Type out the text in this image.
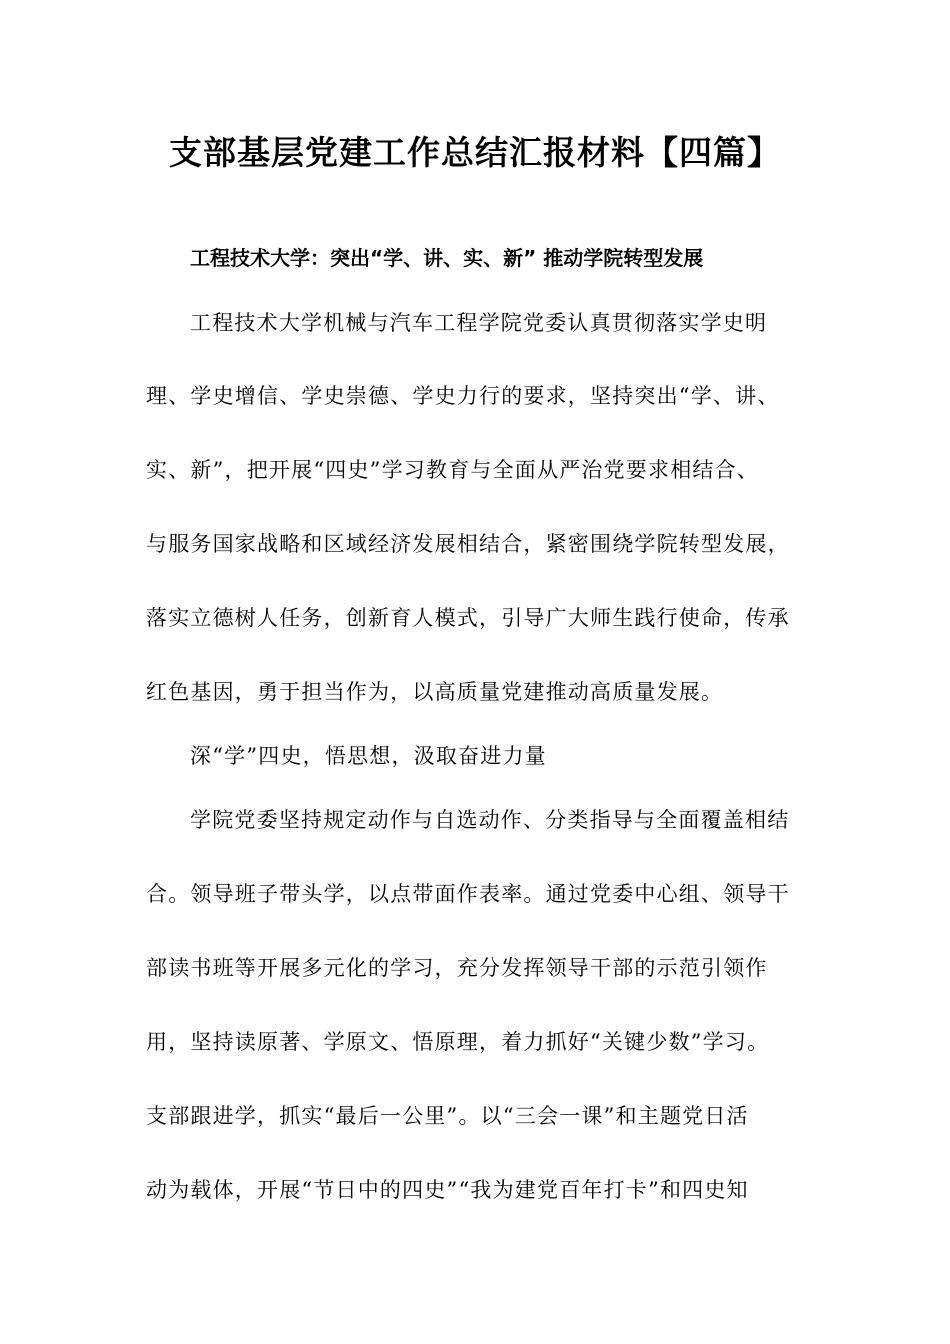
支部基层党建工作总结汇报材料【四篇】
工程技术大学：突出“学、讲、实、新” 推动学院转型发展
工程技术大学机械与汽车工程学院党委认真贯彻落实学史明
理、学史增信、学史崇德、学史力行的要求，坚持突出“学、讲、
实、新”，把开展“四史”学习教育与全面从严治党要求相结合、
与服务国家战略和区域经济发展相结合，紧密围绕学院转型发展，
落实立德树人任务，创新育人模式，引导广大师生践行使命，传承
红色基因，勇于担当作为，以高质量党建推动高质量发展。
深“学”四史，悟思想，汲取奋进力量
学院党委坚持规定动作与自选动作、分类指导与全面覆盖相结
合。领导班子带头学，以点带面作表率。通过党委中心组、领导干
部读书班等开展多元化的学习，充分发挥领导干部的示范引领作
用，坚持读原著、学原文、悟原理，着力抓好“关键少数”学习。
支部跟进学，抓实“最后一公里”。以“三会一课”和主题党日活
动为载体，开展“节日中的四史”“我为建党百年打卡”和四史知
